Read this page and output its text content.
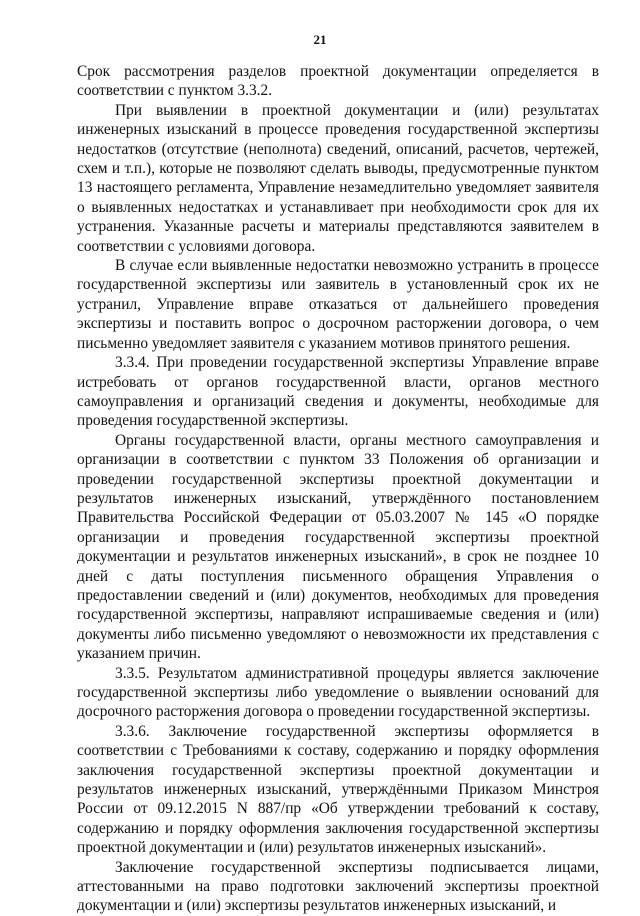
21

Срок рассмотрения разделов проектной документации определяется в соответствии с пунктом 3.3.2.

При выявлении в проектной документации и (или) результатах инженерных изысканий в процессе проведения государственной экспертизы недостатков (отсутствие (неполнота) сведений, описаний, расчетов, чертежей, схем и т.п.), которые не позволяют сделать выводы, предусмотренные пунктом 13 настоящего регламента, Управление незамедлительно уведомляет заявителя о выявленных недостатках и устанавливает при необходимости срок для их устранения. Указанные расчеты и материалы представляются заявителем в соответствии с условиями договора.

В случае если выявленные недостатки невозможно устранить в процессе государственной экспертизы или заявитель в установленный срок их не устранил, Управление вправе отказаться от дальнейшего проведения экспертизы и поставить вопрос о досрочном расторжении договора, о чем письменно уведомляет заявителя с указанием мотивов принятого решения.

3.3.4. При проведении государственной экспертизы Управление вправе истребовать от органов государственной власти, органов местного самоуправления и организаций сведения и документы, необходимые для проведения государственной экспертизы.

Органы государственной власти, органы местного самоуправления и организации в соответствии с пунктом 33 Положения об организации и проведении государственной экспертизы проектной документации и результатов инженерных изысканий, утверждённого постановлением Правительства Российской Федерации от 05.03.2007 № 145 «О порядке организации и проведения государственной экспертизы проектной документации и результатов инженерных изысканий», в срок не позднее 10 дней с даты поступления письменного обращения Управления о предоставлении сведений и (или) документов, необходимых для проведения государственной экспертизы, направляют испрашиваемые сведения и (или) документы либо письменно уведомляют о невозможности их представления с указанием причин.

3.3.5. Результатом административной процедуры является заключение государственной экспертизы либо уведомление о выявлении оснований для досрочного расторжения договора о проведении государственной экспертизы.

3.3.6. Заключение государственной экспертизы оформляется в соответствии с Требованиями к составу, содержанию и порядку оформления заключения государственной экспертизы проектной документации и результатов инженерных изысканий, утверждёнными Приказом Минстроя России от 09.12.2015 N 887/пр «Об утверждении требований к составу, содержанию и порядку оформления заключения государственной экспертизы проектной документации и (или) результатов инженерных изысканий».

Заключение государственной экспертизы подписывается лицами, аттестованными на право подготовки заключений экспертизы проектной документации и (или) экспертизы результатов инженерных изысканий, и
